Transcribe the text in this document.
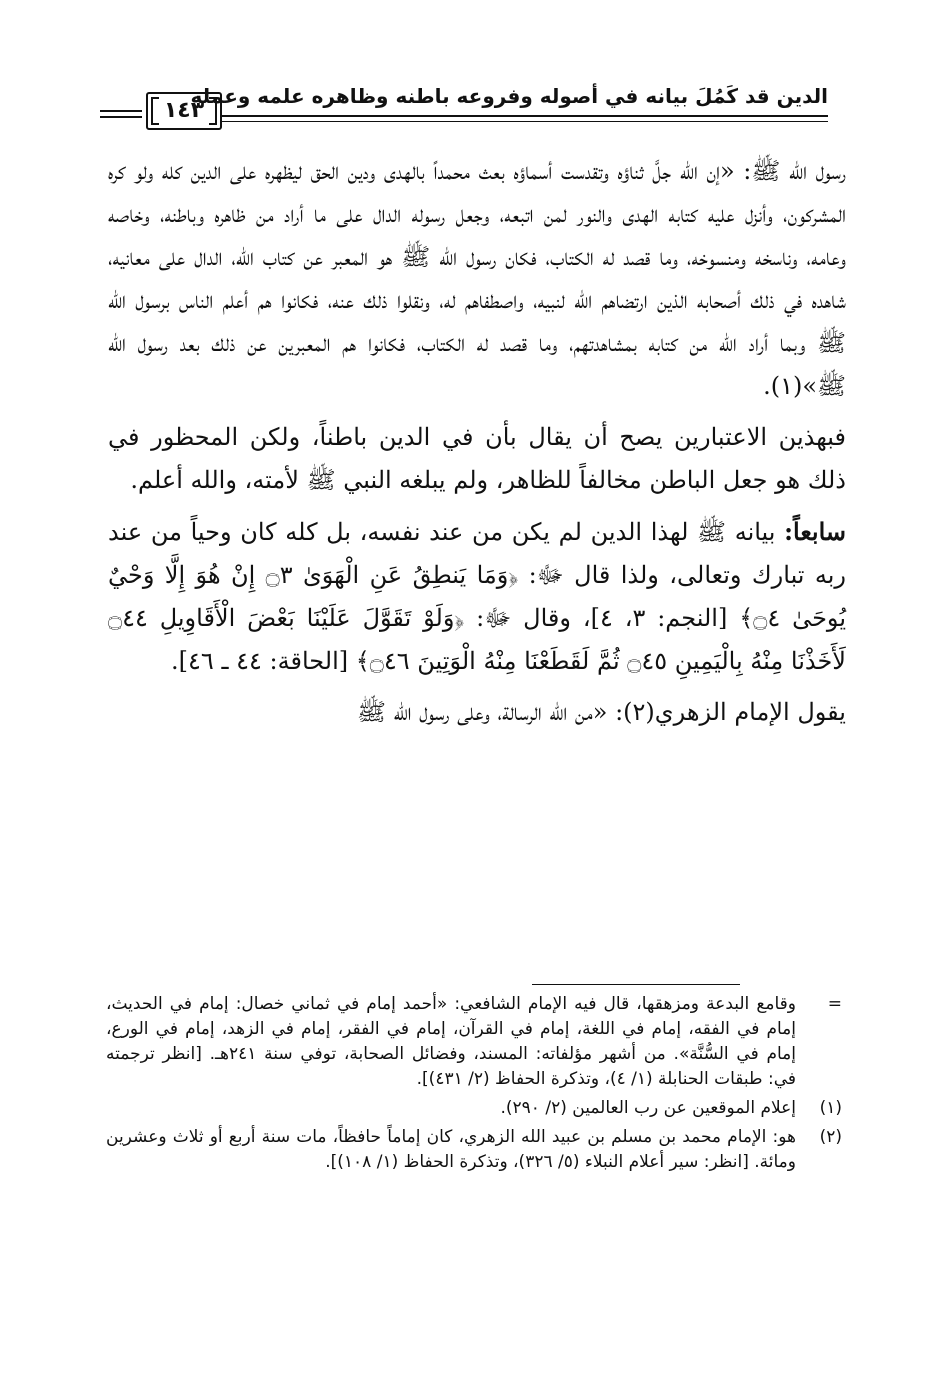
الدين قد كَمُلَ بيانه في أصوله وفروعه باطنه وظاهره علمه وعمله
١٤٣

رسول الله ﷺ: «إن الله جلَّ ثناؤه وتقدست أسماؤه بعث محمداً بالهدى ودين الحق ليظهره على الدين كله ولو كره المشركون، وأنزل عليه كتابه الهدى والنور لمن اتبعه، وجعل رسوله الدال على ما أراد من ظاهره وباطنه، وخاصه وعامه، وناسخه ومنسوخه، وما قصد له الكتاب، فكان رسول الله ﷺ هو المعبر عن كتاب الله، الدال على معانيه، شاهده في ذلك أصحابه الذين ارتضاهم الله لنبيه، واصطفاهم له، ونقلوا ذلك عنه، فكانوا هم أعلم الناس برسول الله ﷺ وبما أراد الله من كتابه بمشاهدتهم، وما قصد له الكتاب، فكانوا هم المعبرين عن ذلك بعد رسول الله ﷺ»(١).

فبهذين الاعتبارين يصح أن يقال بأن في الدين باطناً، ولكن المحظور في ذلك هو جعل الباطن مخالفاً للظاهر، ولم يبلغه النبي ﷺ لأمته، والله أعلم.

سابعاً: بيانه ﷺ لهذا الدين لم يكن من عند نفسه، بل كله كان وحياً من عند ربه تبارك وتعالى، ولذا قال ﷻ: ﴿وَمَا يَنطِقُ عَنِ الْهَوَىٰ ۝٣ إِنْ هُوَ إِلَّا وَحْيٌ يُوحَىٰ ۝٤﴾ [النجم: ٣، ٤]، وقال ﷻ: ﴿وَلَوْ تَقَوَّلَ عَلَيْنَا بَعْضَ الْأَقَاوِيلِ ۝٤٤ لَأَخَذْنَا مِنْهُ بِالْيَمِينِ ۝٤٥ ثُمَّ لَقَطَعْنَا مِنْهُ الْوَتِينَ ۝٤٦﴾ [الحاقة: ٤٤ ـ ٤٦].

يقول الإمام الزهري(٢): «من الله الرسالة، وعلى رسول الله ﷺ

=
وقامع البدعة ومزهقها، قال فيه الإمام الشافعي: «أحمد إمام في ثماني خصال: إمام في الحديث، إمام في الفقه، إمام في اللغة، إمام في القرآن، إمام في الفقر، إمام في الزهد، إمام في الورع، إمام في السُّنَّة». من أشهر مؤلفاته: المسند، وفضائل الصحابة، توفي سنة ٢٤١هـ. [انظر ترجمته في: طبقات الحنابلة (١/ ٤)، وتذكرة الحفاظ (٢/ ٤٣١)].
(١)
إعلام الموقعين عن رب العالمين (٢/ ٢٩٠).
(٢)
هو: الإمام محمد بن مسلم بن عبيد الله الزهري، كان إماماً حافظاً، مات سنة أربع أو ثلاث وعشرين ومائة. [انظر: سير أعلام النبلاء (٥/ ٣٢٦)، وتذكرة الحفاظ (١/ ١٠٨)].
